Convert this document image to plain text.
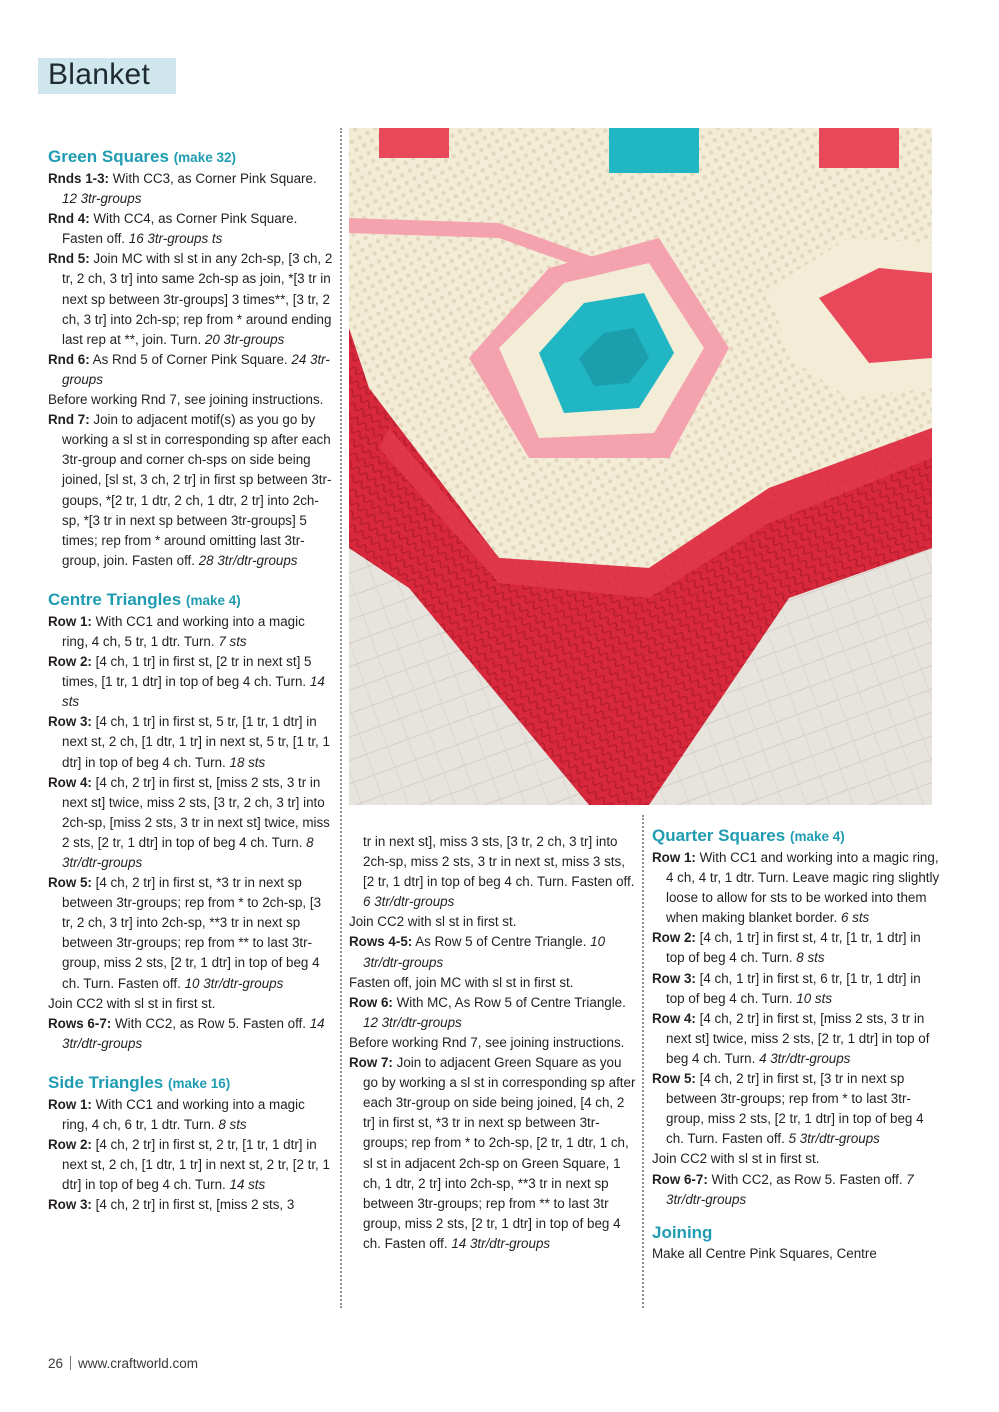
Blanket
Green Squares (make 32)

Rnds 1-3: With CC3, as Corner Pink Square. 12 3tr-groups

Rnd 4: With CC4, as Corner Pink Square. Fasten off. 16 3tr-groups ts

Rnd 5: Join MC with sl st in any 2ch-sp, [3 ch, 2 tr, 2 ch, 3 tr] into same 2ch-sp as join, *[3 tr in next sp between 3tr-groups] 3 times**, [3 tr, 2 ch, 3 tr] into 2ch-sp; rep from * around ending last rep at **, join. Turn. 20 3tr-groups

Rnd 6: As Rnd 5 of Corner Pink Square. 24 3tr-groups

Before working Rnd 7, see joining instructions.

Rnd 7: Join to adjacent motif(s) as you go by working a sl st in corresponding sp after each 3tr-group and corner ch-sps on side being joined, [sl st, 3 ch, 2 tr] in first sp between 3tr-goups, *[2 tr, 1 dtr, 2 ch, 1 dtr, 2 tr] into 2ch-sp, *[3 tr in next sp between 3tr-groups] 5 times; rep from * around omitting last 3tr-group, join. Fasten off. 28 3tr/dtr-groups

Centre Triangles (make 4)

Row 1: With CC1 and working into a magic ring, 4 ch, 5 tr, 1 dtr. Turn. 7 sts

Row 2: [4 ch, 1 tr] in first st, [2 tr in next st] 5 times, [1 tr, 1 dtr] in top of beg 4 ch. Turn. 14 sts

Row 3: [4 ch, 1 tr] in first st, 5 tr, [1 tr, 1 dtr] in next st, 2 ch, [1 dtr, 1 tr] in next st, 5 tr, [1 tr, 1 dtr] in top of beg 4 ch. Turn. 18 sts

Row 4: [4 ch, 2 tr] in first st, [miss 2 sts, 3 tr in next st] twice, miss 2 sts, [3 tr, 2 ch, 3 tr] into 2ch-sp, [miss 2 sts, 3 tr in next st] twice, miss 2 sts, [2 tr, 1 dtr] in top of beg 4 ch. Turn. 8 3tr/dtr-groups

Row 5: [4 ch, 2 tr] in first st, *3 tr in next sp between 3tr-groups; rep from * to 2ch-sp, [3 tr, 2 ch, 3 tr] into 2ch-sp, **3 tr in next sp between 3tr-groups; rep from ** to last 3tr-group, miss 2 sts, [2 tr, 1 dtr] in top of beg 4 ch. Turn. Fasten off. 10 3tr/dtr-groups

Join CC2 with sl st in first st.

Rows 6-7: With CC2, as Row 5. Fasten off. 14 3tr/dtr-groups

Side Triangles (make 16)

Row 1: With CC1 and working into a magic ring, 4 ch, 6 tr, 1 dtr. Turn. 8 sts

Row 2: [4 ch, 2 tr] in first st, 2 tr, [1 tr, 1 dtr] in next st, 2 ch, [1 dtr, 1 tr] in next st, 2 tr, [2 tr, 1 dtr] in top of beg 4 ch. Turn. 14 sts

Row 3: [4 ch, 2 tr] in first st, [miss 2 sts, 3

tr in next st], miss 3 sts, [3 tr, 2 ch, 3 tr] into 2ch-sp, miss 2 sts, 3 tr in next st, miss 3 sts, [2 tr, 1 dtr] in top of beg 4 ch. Turn. Fasten off. 6 3tr/dtr-groups

Join CC2 with sl st in first st.

Rows 4-5: As Row 5 of Centre Triangle. 10 3tr/dtr-groups

Fasten off, join MC with sl st in first st.

Row 6: With MC, As Row 5 of Centre Triangle. 12 3tr/dtr-groups

Before working Rnd 7, see joining instructions.

Row 7: Join to adjacent Green Square as you go by working a sl st in corresponding sp after each 3tr-group on side being joined, [4 ch, 2 tr] in first st, *3 tr in next sp between 3tr-groups; rep from * to 2ch-sp, [2 tr, 1 dtr, 1 ch, sl st in adjacent 2ch-sp on Green Square, 1 ch, 1 dtr, 2 tr] into 2ch-sp, **3 tr in next sp between 3tr-groups; rep from ** to last 3tr group, miss 2 sts, [2 tr, 1 dtr] in top of beg 4 ch. Fasten off. 14 3tr/dtr-groups

Quarter Squares (make 4)

Row 1: With CC1 and working into a magic ring, 4 ch, 4 tr, 1 dtr. Turn. Leave magic ring slightly loose to allow for sts to be worked into them when making blanket border. 6 sts

Row 2: [4 ch, 1 tr] in first st, 4 tr, [1 tr, 1 dtr] in top of beg 4 ch. Turn. 8 sts

Row 3: [4 ch, 1 tr] in first st, 6 tr, [1 tr, 1 dtr] in top of beg 4 ch. Turn. 10 sts

Row 4: [4 ch, 2 tr] in first st, [miss 2 sts, 3 tr in next st] twice, miss 2 sts, [2 tr, 1 dtr] in top of beg 4 ch. Turn. 4 3tr/dtr-groups

Row 5: [4 ch, 2 tr] in first st, [3 tr in next sp between 3tr-groups; rep from * to last 3tr-group, miss 2 sts, [2 tr, 1 dtr] in top of beg 4 ch. Turn. Fasten off. 5 3tr/dtr-groups

Join CC2 with sl st in first st.

Row 6-7: With CC2, as Row 5. Fasten off. 7 3tr/dtr-groups

Joining

Make all Centre Pink Squares, Centre

26 www.craftworld.com
